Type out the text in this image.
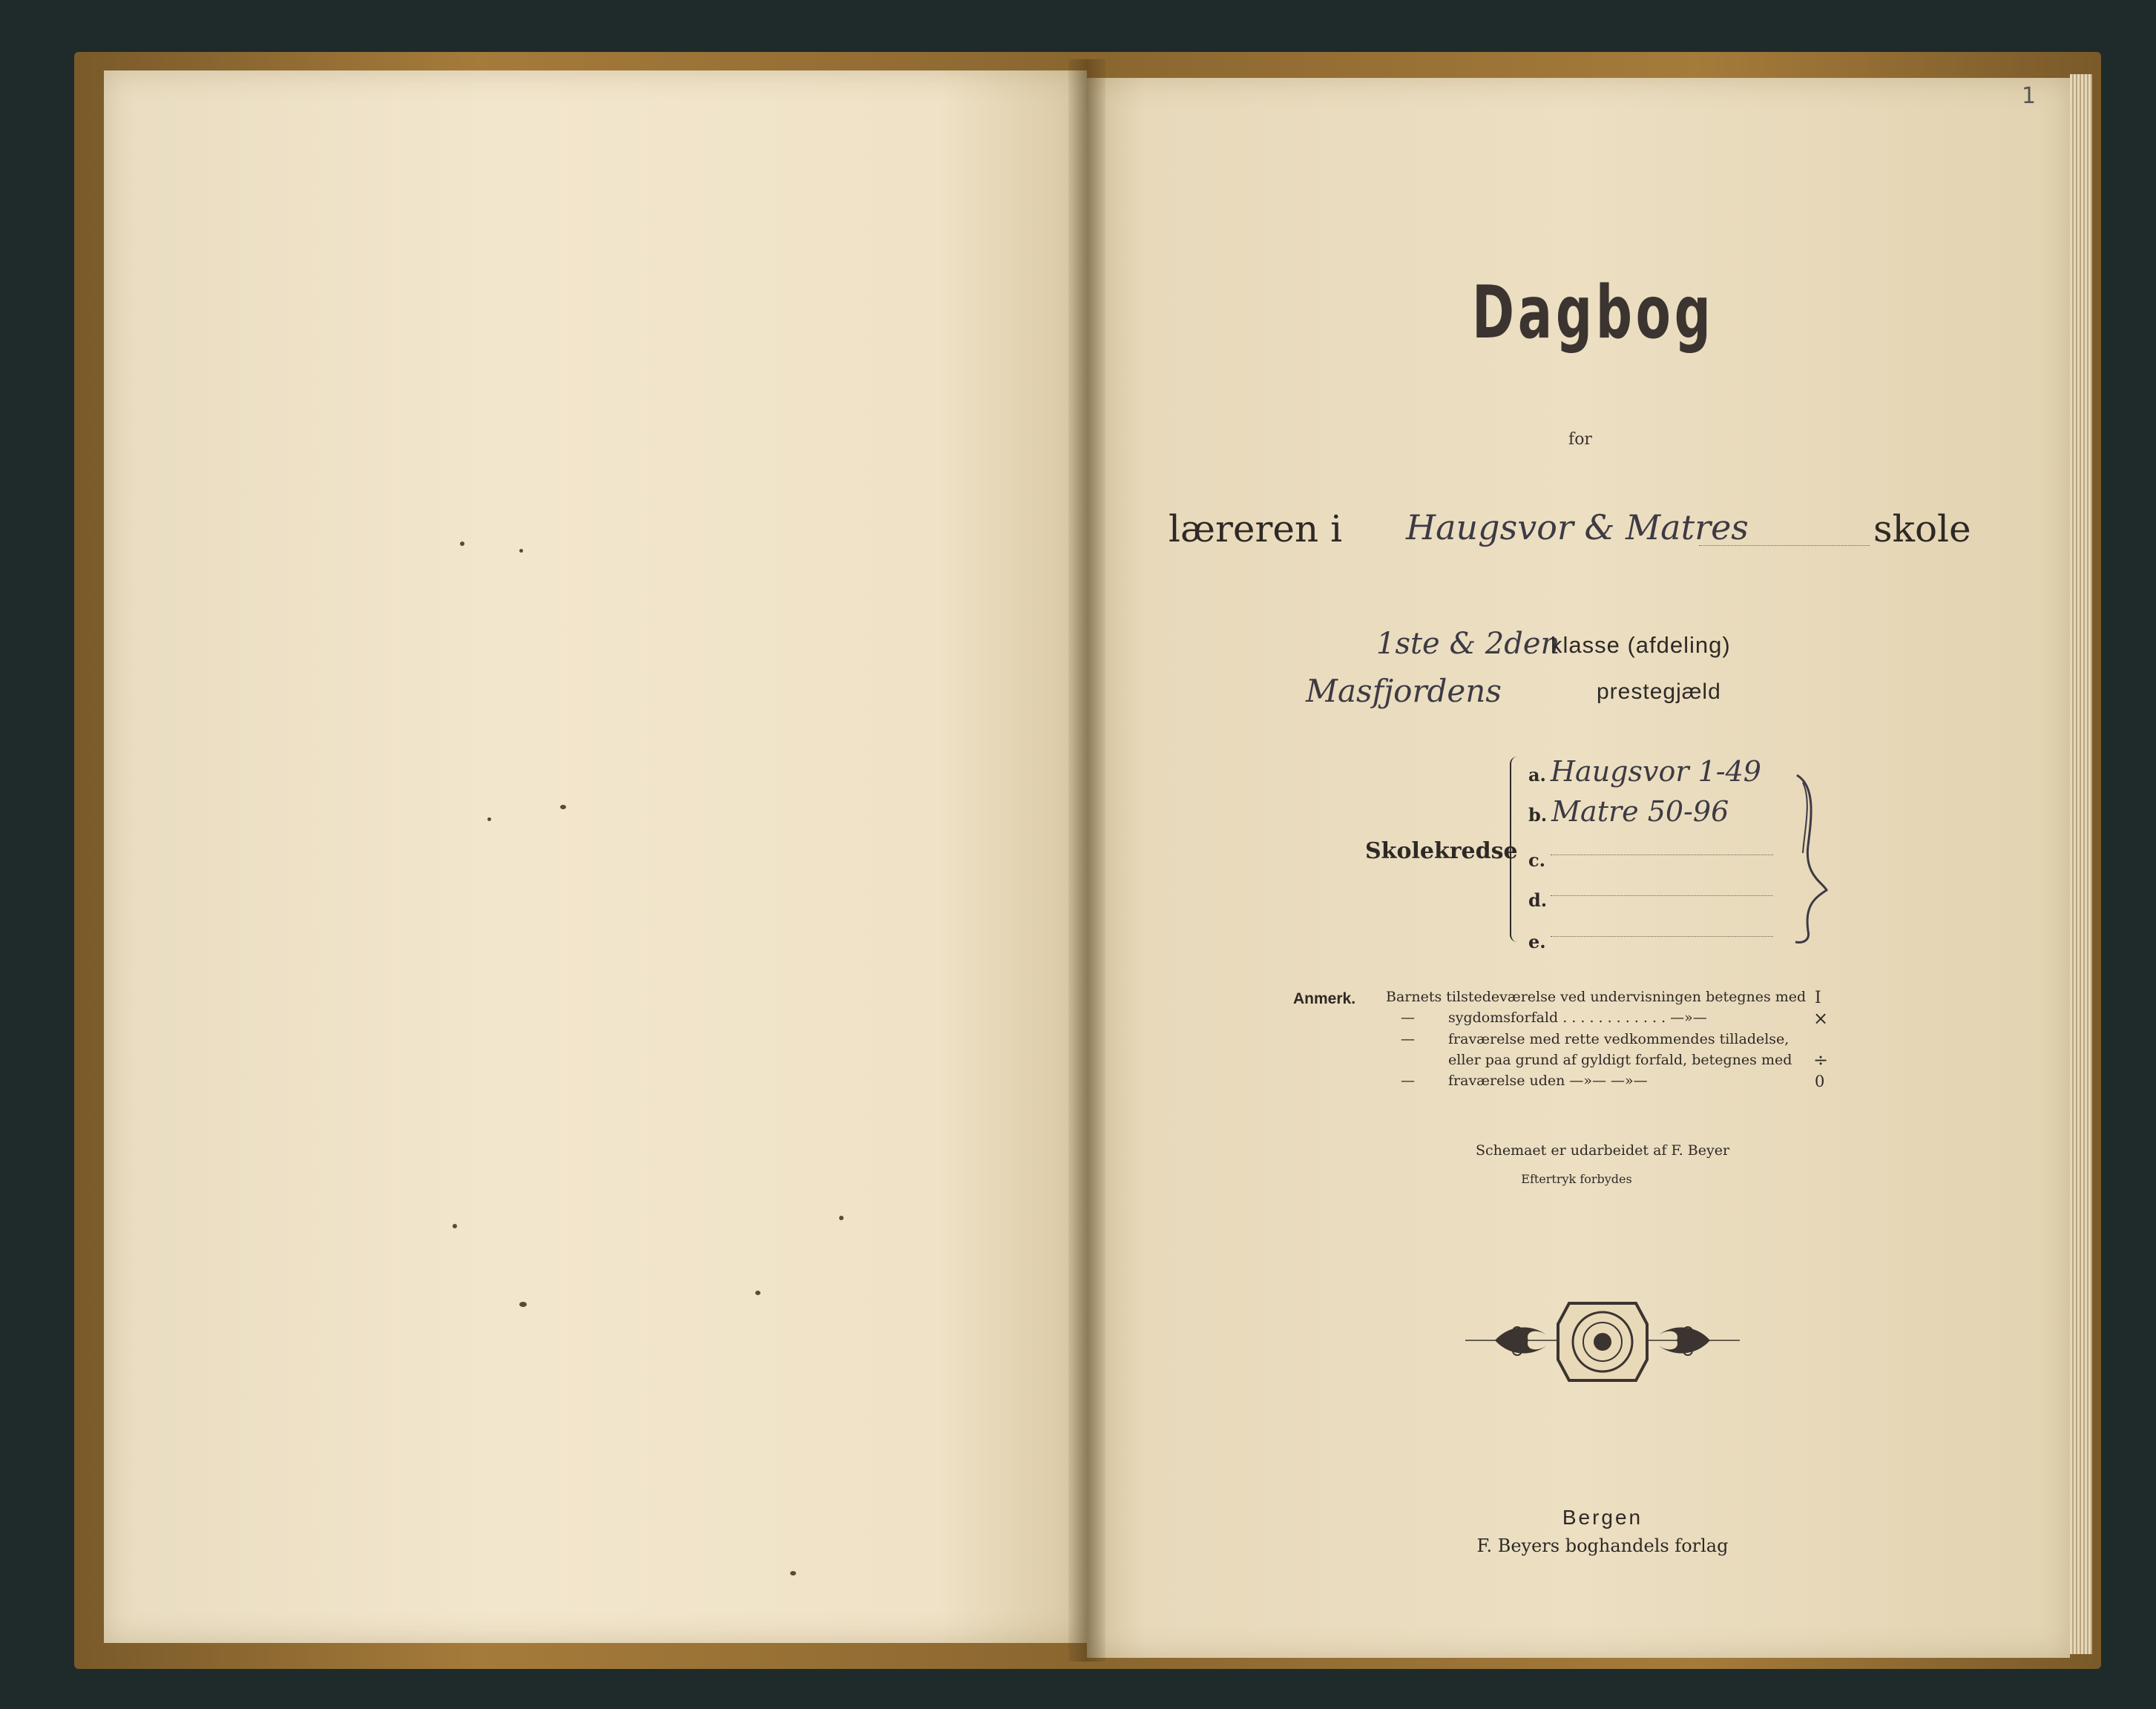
1
Dagbog
for
læreren i Haugsvor & Matres	skole
1ste & 2den
klasse (afdeling)
Masfjordens	prestegjæld
Skolekredse
a. Haugsvor 1-49
b. Matre 50-96
c.
d.
e.
Anmerk. Barnets tilstedeværelse ved undervisningen betegnes med I
— sygdomsforfald . . . . . . . . . . . . —»—	×
— fraværelse med rette vedkommendes tilladelse,
eller paa grund af gyldigt forfald, betegnes med ÷
— fraværelse uden —»— —»—	0
Schemaet er udarbeidet af F. Beyer
Eftertryk forbydes
Bergen
F. Beyers boghandels forlag
